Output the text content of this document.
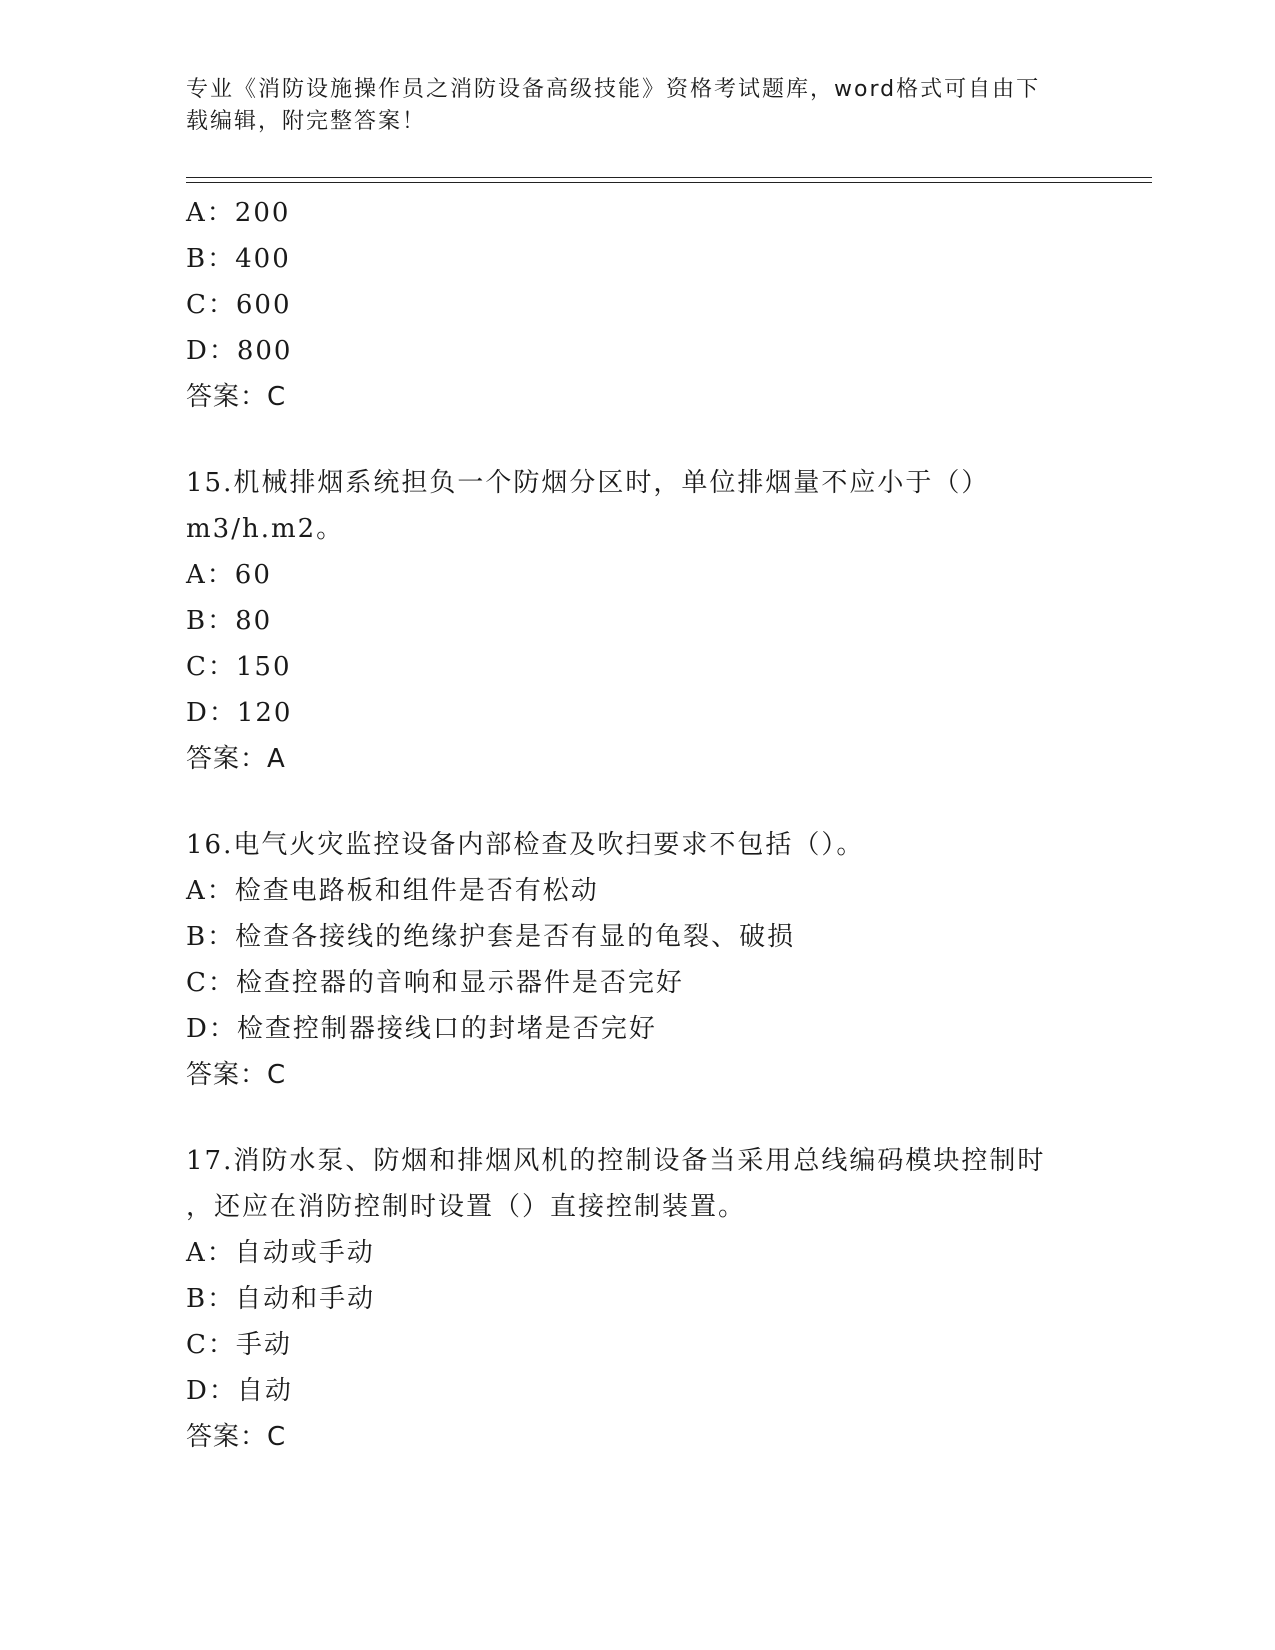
专业《消防设施操作员之消防设备高级技能》资格考试题库，word格式可自由下
载编辑，附完整答案！
A：200
B：400
C：600
D：800
答案：C
15.机械排烟系统担负一个防烟分区时，单位排烟量不应小于（）
m3/h.m2。
A：60
B：80
C：150
D：120
答案：A
16.电气火灾监控设备内部检查及吹扫要求不包括（）。
A：检查电路板和组件是否有松动
B：检查各接线的绝缘护套是否有显的龟裂、破损
C：检查控器的音响和显示器件是否完好
D：检查控制器接线口的封堵是否完好
答案：C
17.消防水泵、防烟和排烟风机的控制设备当采用总线编码模块控制时
，还应在消防控制时设置（）直接控制装置。
A：自动或手动
B：自动和手动
C：手动
D：自动
答案：C
